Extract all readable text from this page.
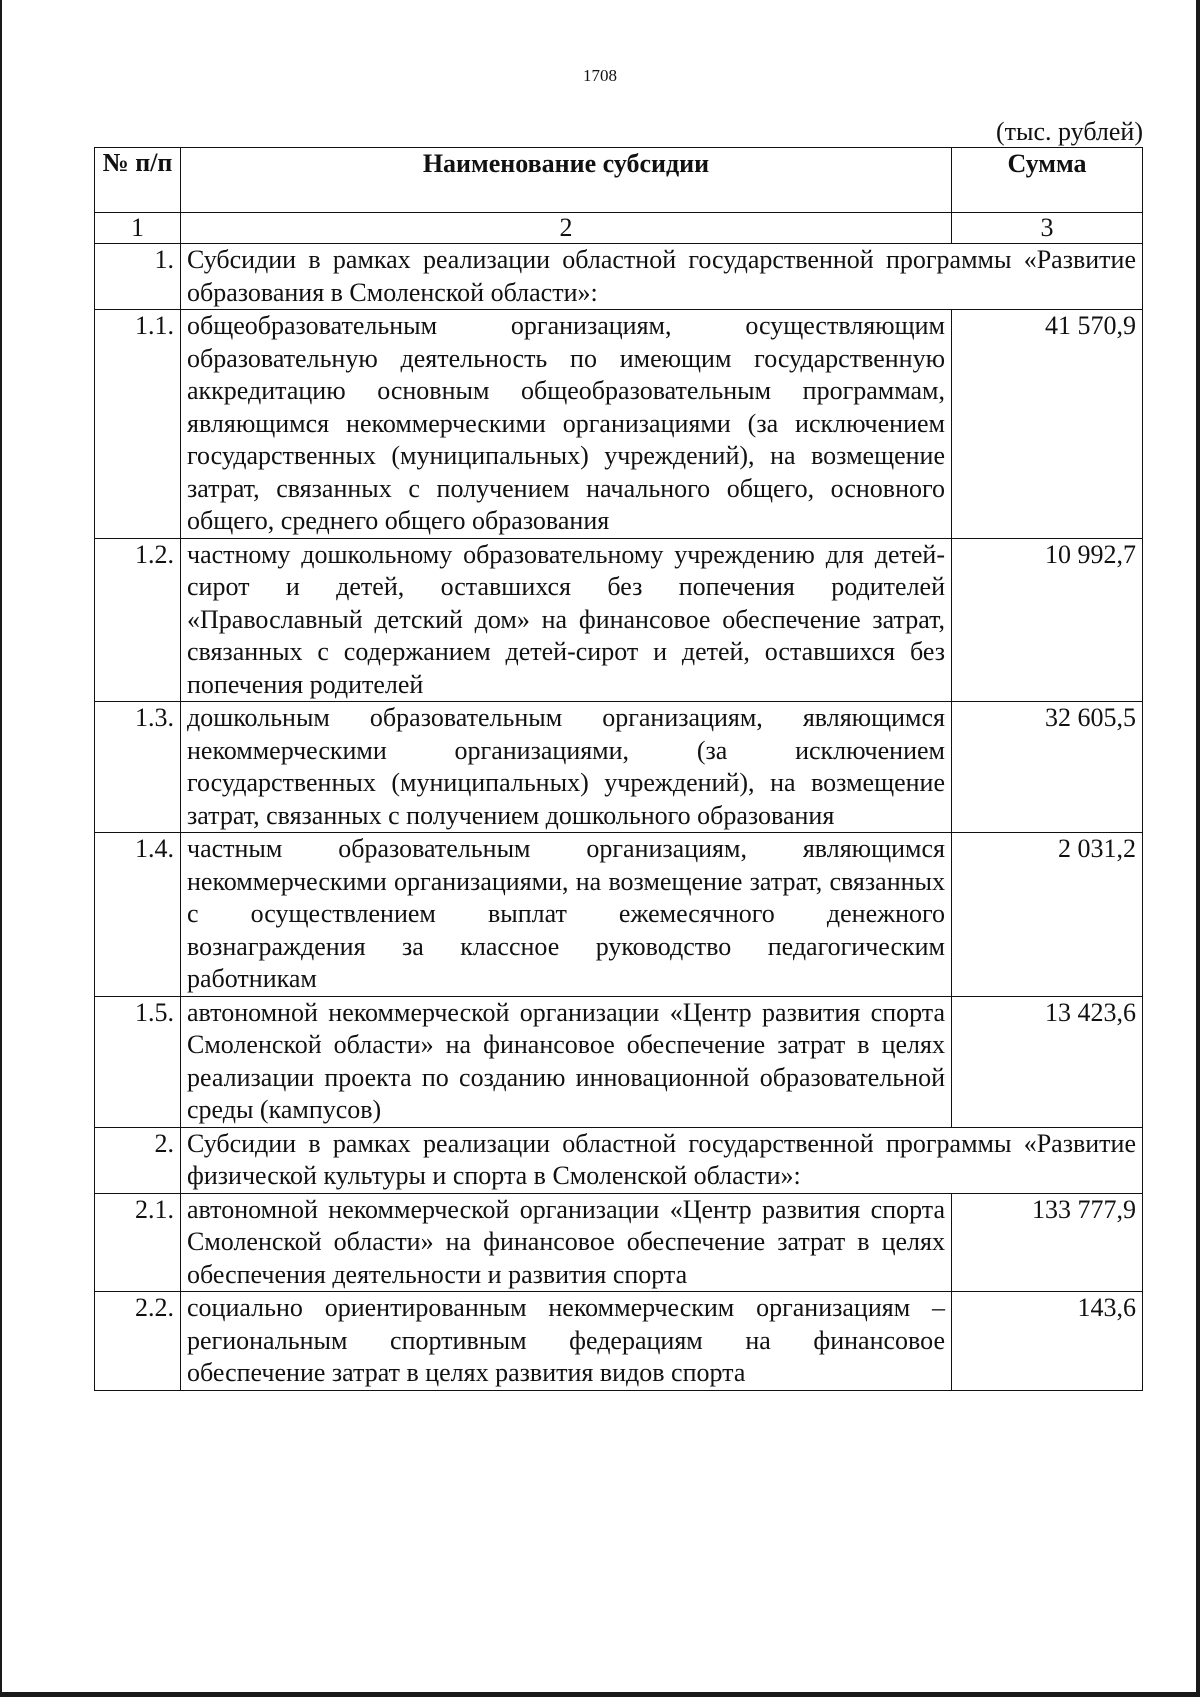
1708
(тыс. рублей)
№ п/п	Наименование субсидии	Сумма
1	2	3
1.	Субсидии в рамках реализации областной государственной программы «Развитие образования в Смоленской области»:	
1.1.	общеобразовательным организациям, осуществляющим образовательную деятельность по имеющим государственную аккредитацию основным общеобразовательным программам, являющимся некоммерческими организациями (за исключением государственных (муниципальных) учреждений), на возмещение затрат, связанных с получением начального общего, основного общего, среднего общего образования	41 570,9
1.2.	частному дошкольному образовательному учреждению для детей-сирот и детей, оставшихся без попечения родителей «Православный детский дом» на финансовое обеспечение затрат, связанных с содержанием детей-сирот и детей, оставшихся без попечения родителей	10 992,7
1.3.	дошкольным образовательным организациям, являющимся некоммерческими организациями, (за исключением государственных (муниципальных) учреждений), на возмещение затрат, связанных с получением дошкольного образования	32 605,5
1.4.	частным образовательным организациям, являющимся некоммерческими организациями, на возмещение затрат, связанных с осуществлением выплат ежемесячного денежного вознаграждения за классное руководство педагогическим работникам	2 031,2
1.5.	автономной некоммерческой организации «Центр развития спорта Смоленской области» на финансовое обеспечение затрат в целях реализации проекта по созданию инновационной образовательной среды (кампусов)	13 423,6
2.	Субсидии в рамках реализации областной государственной программы «Развитие физической культуры и спорта в Смоленской области»:	
2.1.	автономной некоммерческой организации «Центр развития спорта Смоленской области» на финансовое обеспечение затрат в целях обеспечения деятельности и развития спорта	133 777,9
2.2.	социально ориентированным некоммерческим организациям – региональным спортивным федерациям на финансовое обеспечение затрат в целях развития видов спорта	143,6
